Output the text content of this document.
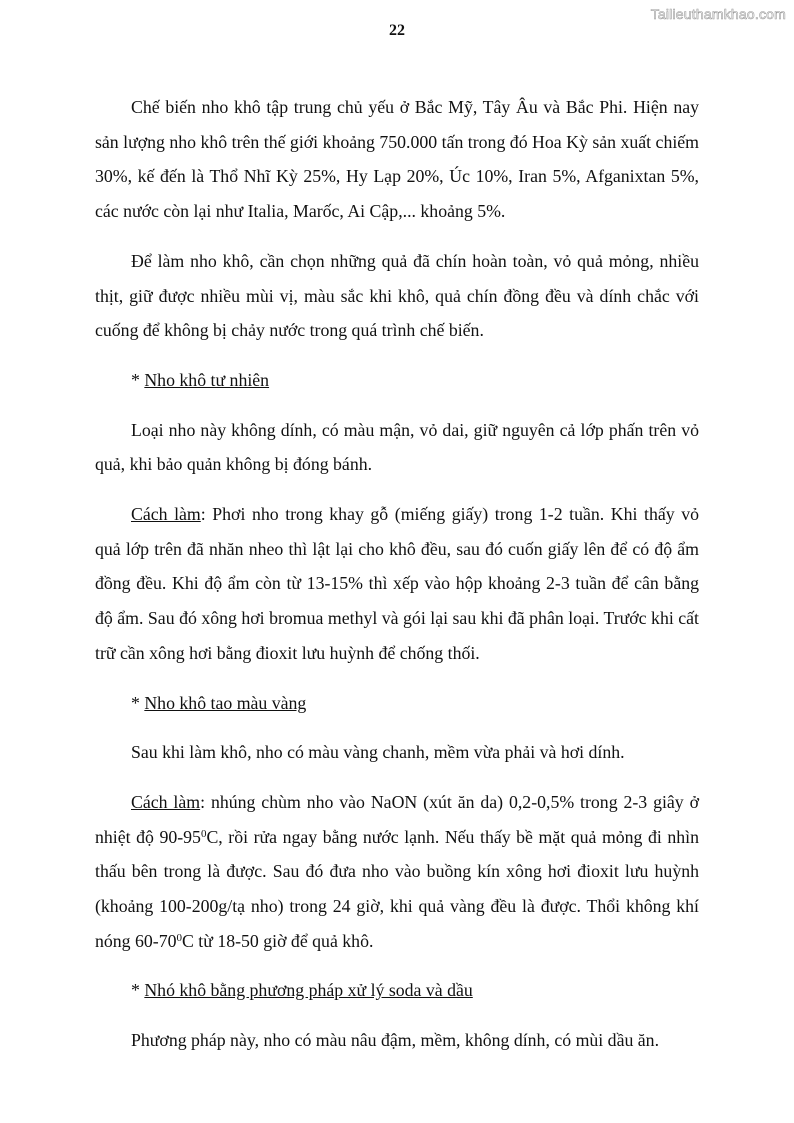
Tailieuthamkhao.com
22

Chế biến nho khô tập trung chủ yếu ở Bắc Mỹ, Tây Âu và Bắc Phi. Hiện nay sản lượng nho khô trên thế giới khoảng 750.000 tấn trong đó Hoa Kỳ sản xuất chiếm 30%, kế đến là Thổ Nhĩ Kỳ 25%, Hy Lạp 20%, Úc 10%, Iran 5%, Afganixtan 5%, các nước còn lại như Italia, Marốc, Ai Cập,... khoảng 5%.

Để làm nho khô, cần chọn những quả đã chín hoàn toàn, vỏ quả mỏng, nhiều thịt, giữ được nhiều mùi vị, màu sắc khi khô, quả chín đồng đều và dính chắc với cuống để không bị chảy nước trong quá trình chế biến.

* Nho khô tư nhiên

Loại nho này không dính, có màu mận, vỏ dai, giữ nguyên cả lớp phấn trên vỏ quả, khi bảo quản không bị đóng bánh.

Cách làm: Phơi nho trong khay gỗ (miếng giấy) trong 1-2 tuần. Khi thấy vỏ quả lớp trên đã nhăn nheo thì lật lại cho khô đều, sau đó cuốn giấy lên để có độ ẩm đồng đều. Khi độ ẩm còn từ 13-15% thì xếp vào hộp khoảng 2-3 tuần để cân bằng độ ẩm. Sau đó xông hơi bromua methyl và gói lại sau khi đã phân loại. Trước khi cất trữ cần xông hơi bằng đioxit lưu huỳnh để chống thối.

* Nho khô tao màu vàng

Sau khi làm khô, nho có màu vàng chanh, mềm vừa phải và hơi dính.

Cách làm: nhúng chùm nho vào NaON (xút ăn da) 0,2-0,5% trong 2-3 giây ở nhiệt độ $90-95^0C$, rồi rửa ngay bằng nước lạnh. Nếu thấy bề mặt quả mỏng đi nhìn thấu bên trong là được. Sau đó đưa nho vào buồng kín xông hơi đioxit lưu huỳnh (khoảng 100-200g/tạ nho) trong 24 giờ, khi quả vàng đều là được. Thổi không khí nóng $60-70^0C$ từ 18-50 giờ để quả khô.

* Nhó khô bằng phương pháp xử lý soda và dầu

Phương pháp này, nho có màu nâu đậm, mềm, không dính, có mùi dầu ăn.
